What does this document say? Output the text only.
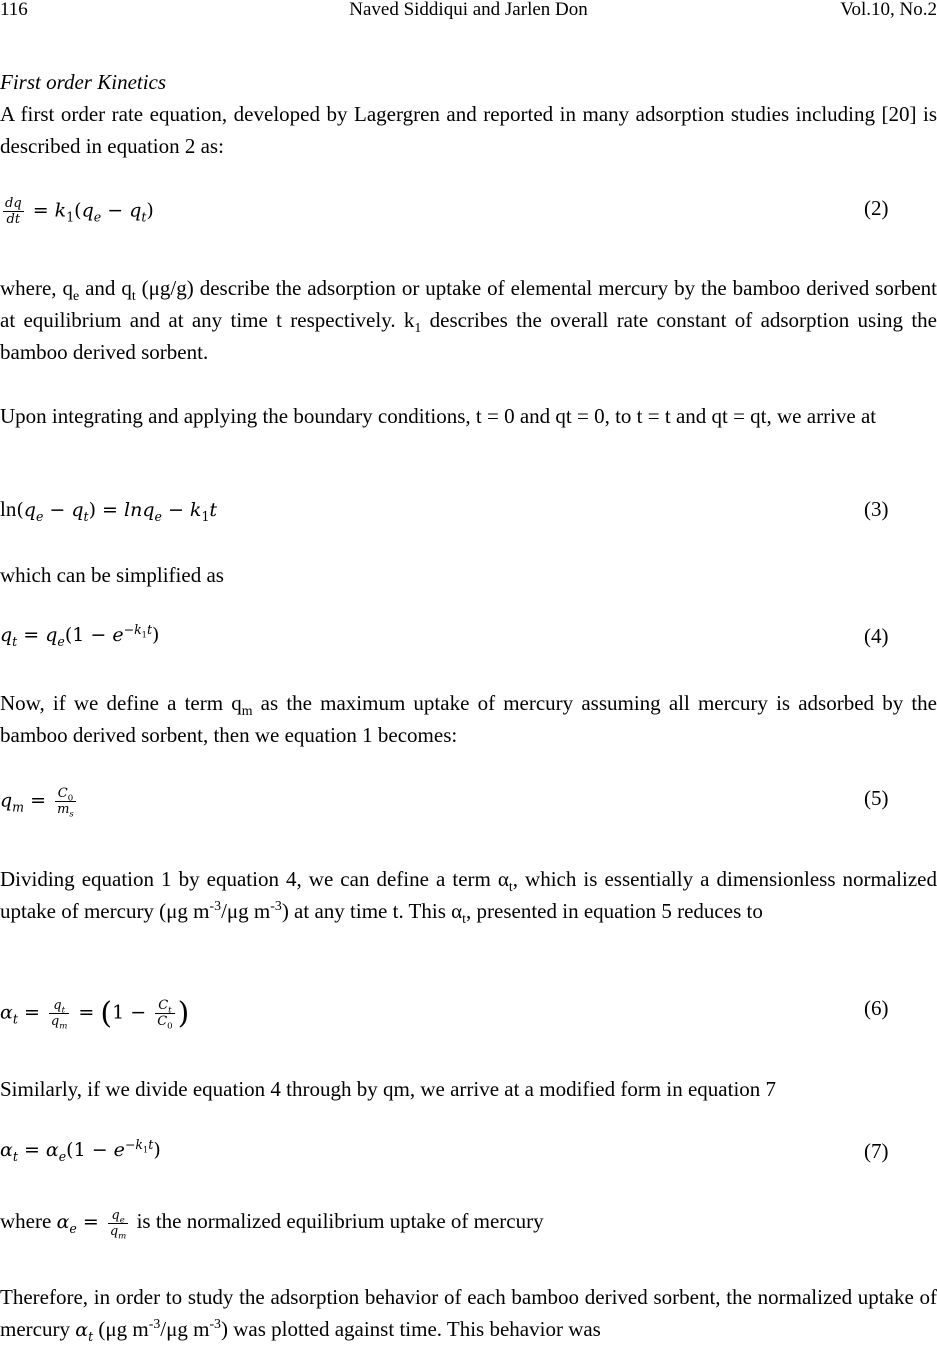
116	Naved Siddiqui and Jarlen Don	Vol.10, No.2
First order Kinetics
A first order rate equation, developed by Lagergren and reported in many adsorption studies including [20] is described in equation 2 as:
$\frac{dq}{dt} = k_1(q_e - q_t)$	(2)
where, $q_e$ and $q_t$ (μg/g) describe the adsorption or uptake of elemental mercury by the bamboo derived sorbent at equilibrium and at any time t respectively. $k_1$ describes the overall rate constant of adsorption using the bamboo derived sorbent.
Upon integrating and applying the boundary conditions, t = 0 and qt = 0, to t = t and qt = qt, we arrive at
$\ln(q_e - q_t) = \ln q_e - k_1t$	(3)
which can be simplified as
$q_t = q_e(1 - e^{-k_1t})$	(4)
Now, if we define a term $q_m$ as the maximum uptake of mercury assuming all mercury is adsorbed by the bamboo derived sorbent, then we equation 1 becomes:
$q_m = \frac{C_0}{m_s}$	(5)
Dividing equation 1 by equation 4, we can define a term $\alpha_t$, which is essentially a dimensionless normalized uptake of mercury (μg $m^{-3}/\mu g$ $m^{-3}$) at any time t. This $\alpha_t$, presented in equation 5 reduces to
$\alpha_t = \frac{q_t}{q_m} = (1 - \frac{C_t}{C_0}$ )	(6)
Similarly, if we divide equation 4 through by qm, we arrive at a modified form in equation 7
$\alpha_t = \alpha_e(1 - e^{-k_1t})$	(7)
where $\alpha_e = \frac{q_e}{q_m}$ is the normalized equilibrium uptake of mercury
Therefore, in order to study the adsorption behavior of each bamboo derived sorbent, the normalized uptake of mercury $\alpha_t$ (μg $m^{-3}/\mu g$ $m^{-3}$) was plotted against time. This behavior was
